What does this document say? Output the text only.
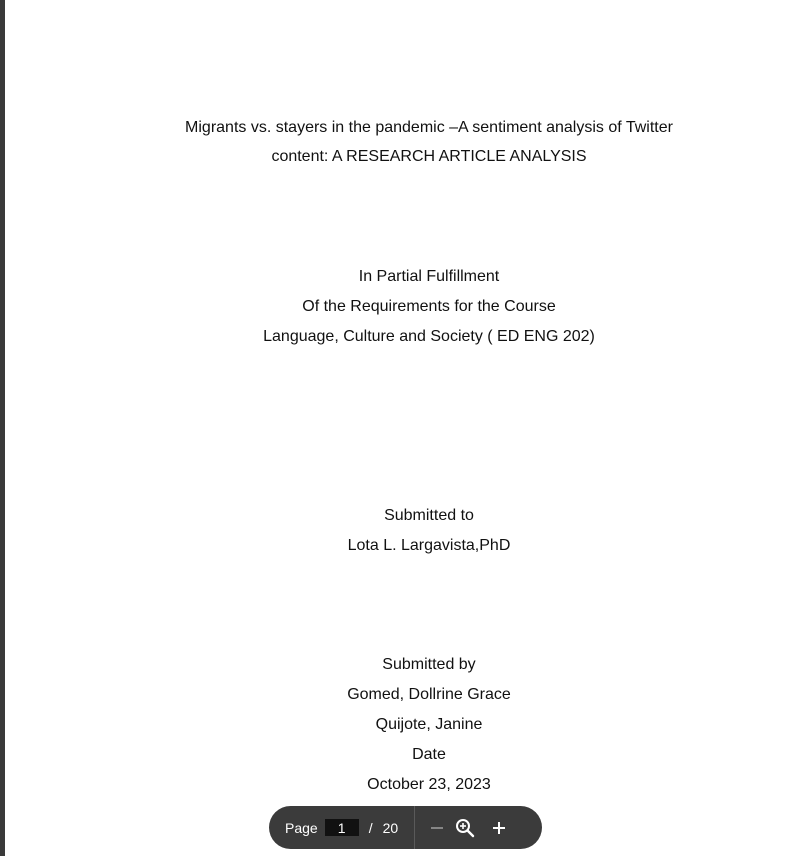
Migrants vs. stayers in the pandemic –A sentiment analysis of Twitter
content: A RESEARCH ARTICLE ANALYSIS
In Partial Fulfillment
Of the Requirements for the Course
Language, Culture and Society ( ED ENG 202)
Submitted to
Lota L. Largavista,PhD
Submitted by
Gomed, Dollrine Grace
Quijote, Janine
Date
October 23, 2023
Page
1	/ 20
